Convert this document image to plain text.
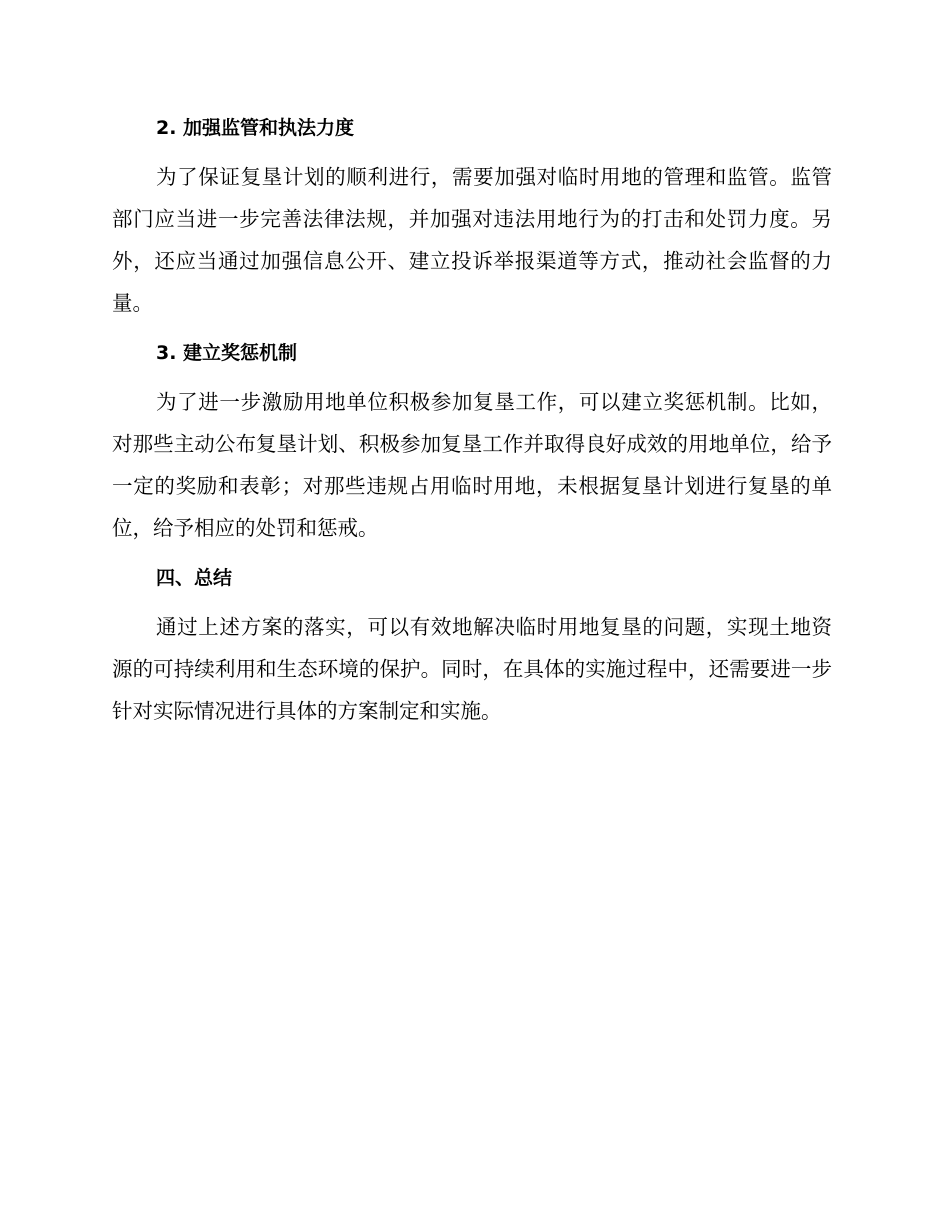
2. 加强监管和执法力度

为了保证复垦计划的顺利进行，需要加强对临时用地的管理和监管。监管部门应当进一步完善法律法规，并加强对违法用地行为的打击和处罚力度。另外，还应当通过加强信息公开、建立投诉举报渠道等方式，推动社会监督的力量。

3. 建立奖惩机制

为了进一步激励用地单位积极参加复垦工作，可以建立奖惩机制。比如，对那些主动公布复垦计划、积极参加复垦工作并取得良好成效的用地单位，给予一定的奖励和表彰；对那些违规占用临时用地，未根据复垦计划进行复垦的单位，给予相应的处罚和惩戒。

四、总结

通过上述方案的落实，可以有效地解决临时用地复垦的问题，实现土地资源的可持续利用和生态环境的保护。同时，在具体的实施过程中，还需要进一步针对实际情况进行具体的方案制定和实施。
